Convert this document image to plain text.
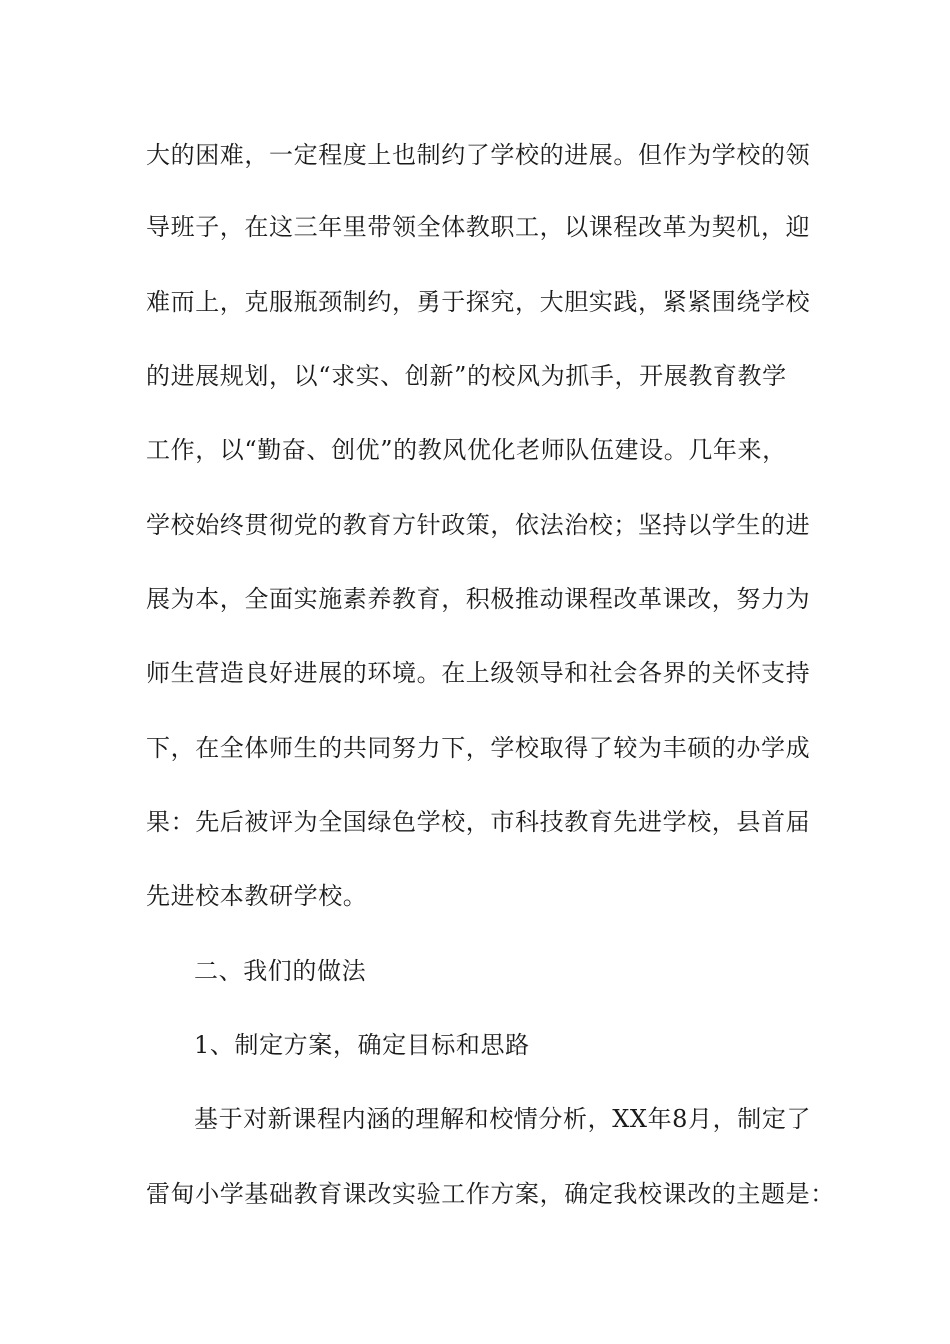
大的困难，一定程度上也制约了学校的进展。但作为学校的领
导班子，在这三年里带领全体教职工，以课程改革为契机，迎
难而上，克服瓶颈制约，勇于探究，大胆实践，紧紧围绕学校
的进展规划，以“求实、创新”的校风为抓手，开展教育教学
工作，以“勤奋、创优”的教风优化老师队伍建设。几年来，
学校始终贯彻党的教育方针政策，依法治校；坚持以学生的进
展为本，全面实施素养教育，积极推动课程改革课改，努力为
师生营造良好进展的环境。在上级领导和社会各界的关怀支持
下，在全体师生的共同努力下，学校取得了较为丰硕的办学成
果：先后被评为全国绿色学校，市科技教育先进学校，县首届
先进校本教研学校。
二、我们的做法
1、制定方案，确定目标和思路
基于对新课程内涵的理解和校情分析，XX年8月，制定了
雷甸小学基础教育课改实验工作方案，确定我校课改的主题是：
